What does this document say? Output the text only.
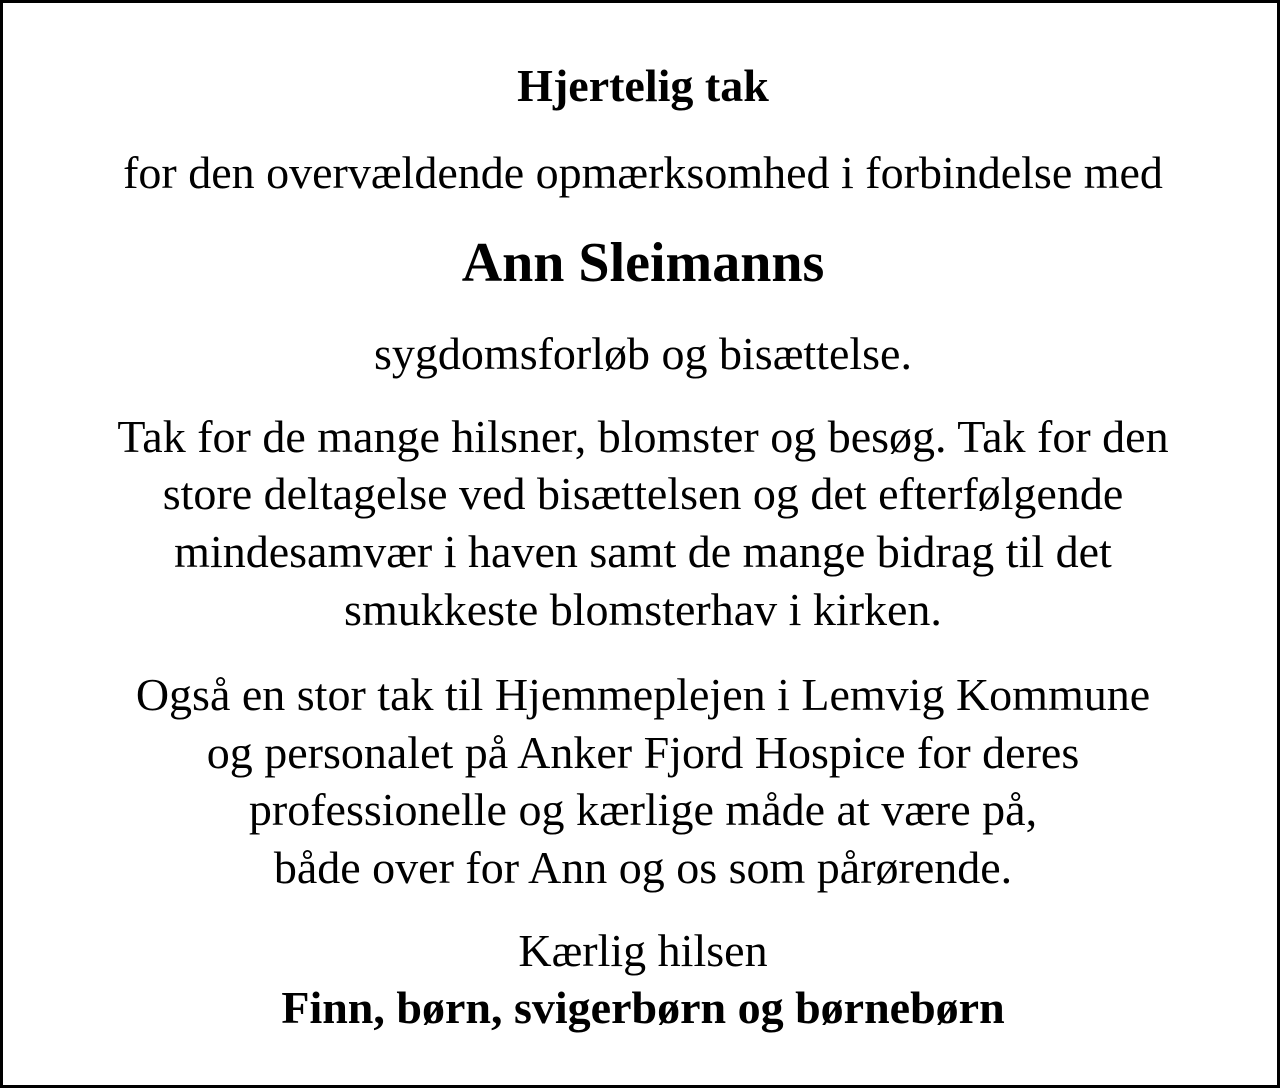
Hjertelig tak
for den overvældende opmærksomhed i forbindelse med
Ann Sleimanns
sygdomsforløb og bisættelse.
Tak for de mange hilsner, blomster og besøg. Tak for den
store deltagelse ved bisættelsen og det efterfølgende
mindesamvær i haven samt de mange bidrag til det
smukkeste blomsterhav i kirken.
Også en stor tak til Hjemmeplejen i Lemvig Kommune
og personalet på Anker Fjord Hospice for deres
professionelle og kærlige måde at være på,
både over for Ann og os som pårørende.
Kærlig hilsen
Finn, børn, svigerbørn og børnebørn
